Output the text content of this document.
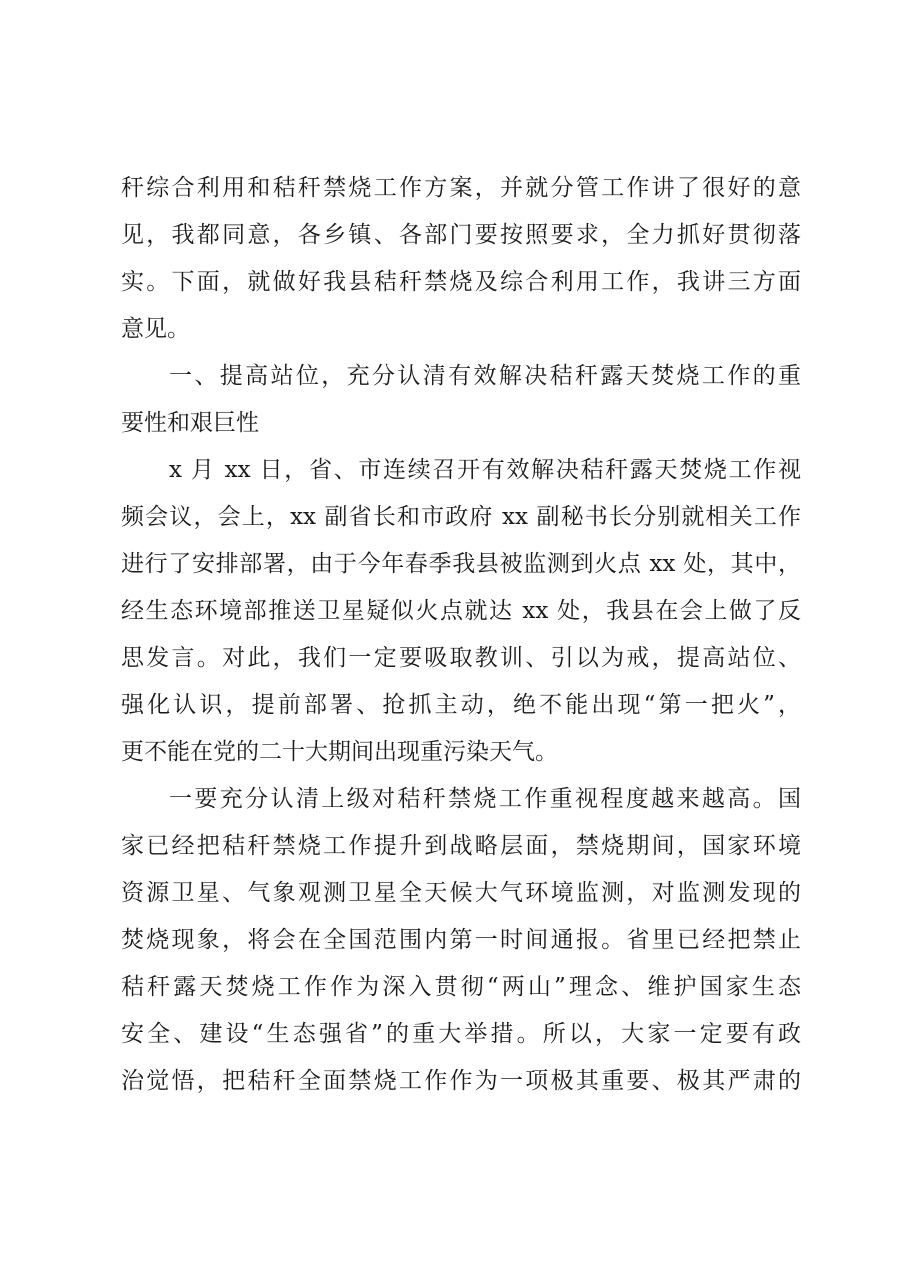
秆综合利用和秸秆禁烧工作方案，并就分管工作讲了很好的意
见，我都同意，各乡镇、各部门要按照要求，全力抓好贯彻落
实。下面，就做好我县秸秆禁烧及综合利用工作，我讲三方面
意见。
一、提高站位，充分认清有效解决秸秆露天焚烧工作的重
要性和艰巨性
x 月 xx 日，省、市连续召开有效解决秸秆露天焚烧工作视
频会议，会上，xx 副省长和市政府 xx 副秘书长分别就相关工作
进行了安排部署，由于今年春季我县被监测到火点 xx 处，其中，
经生态环境部推送卫星疑似火点就达 xx 处，我县在会上做了反
思发言。对此，我们一定要吸取教训、引以为戒，提高站位、
强化认识，提前部署、抢抓主动，绝不能出现“第一把火”，
更不能在党的二十大期间出现重污染天气。
一要充分认清上级对秸秆禁烧工作重视程度越来越高。国
家已经把秸秆禁烧工作提升到战略层面，禁烧期间，国家环境
资源卫星、气象观测卫星全天候大气环境监测，对监测发现的
焚烧现象，将会在全国范围内第一时间通报。省里已经把禁止
秸秆露天焚烧工作作为深入贯彻“两山”理念、维护国家生态
安全、建设“生态强省”的重大举措。所以，大家一定要有政
治觉悟，把秸秆全面禁烧工作作为一项极其重要、极其严肃的
